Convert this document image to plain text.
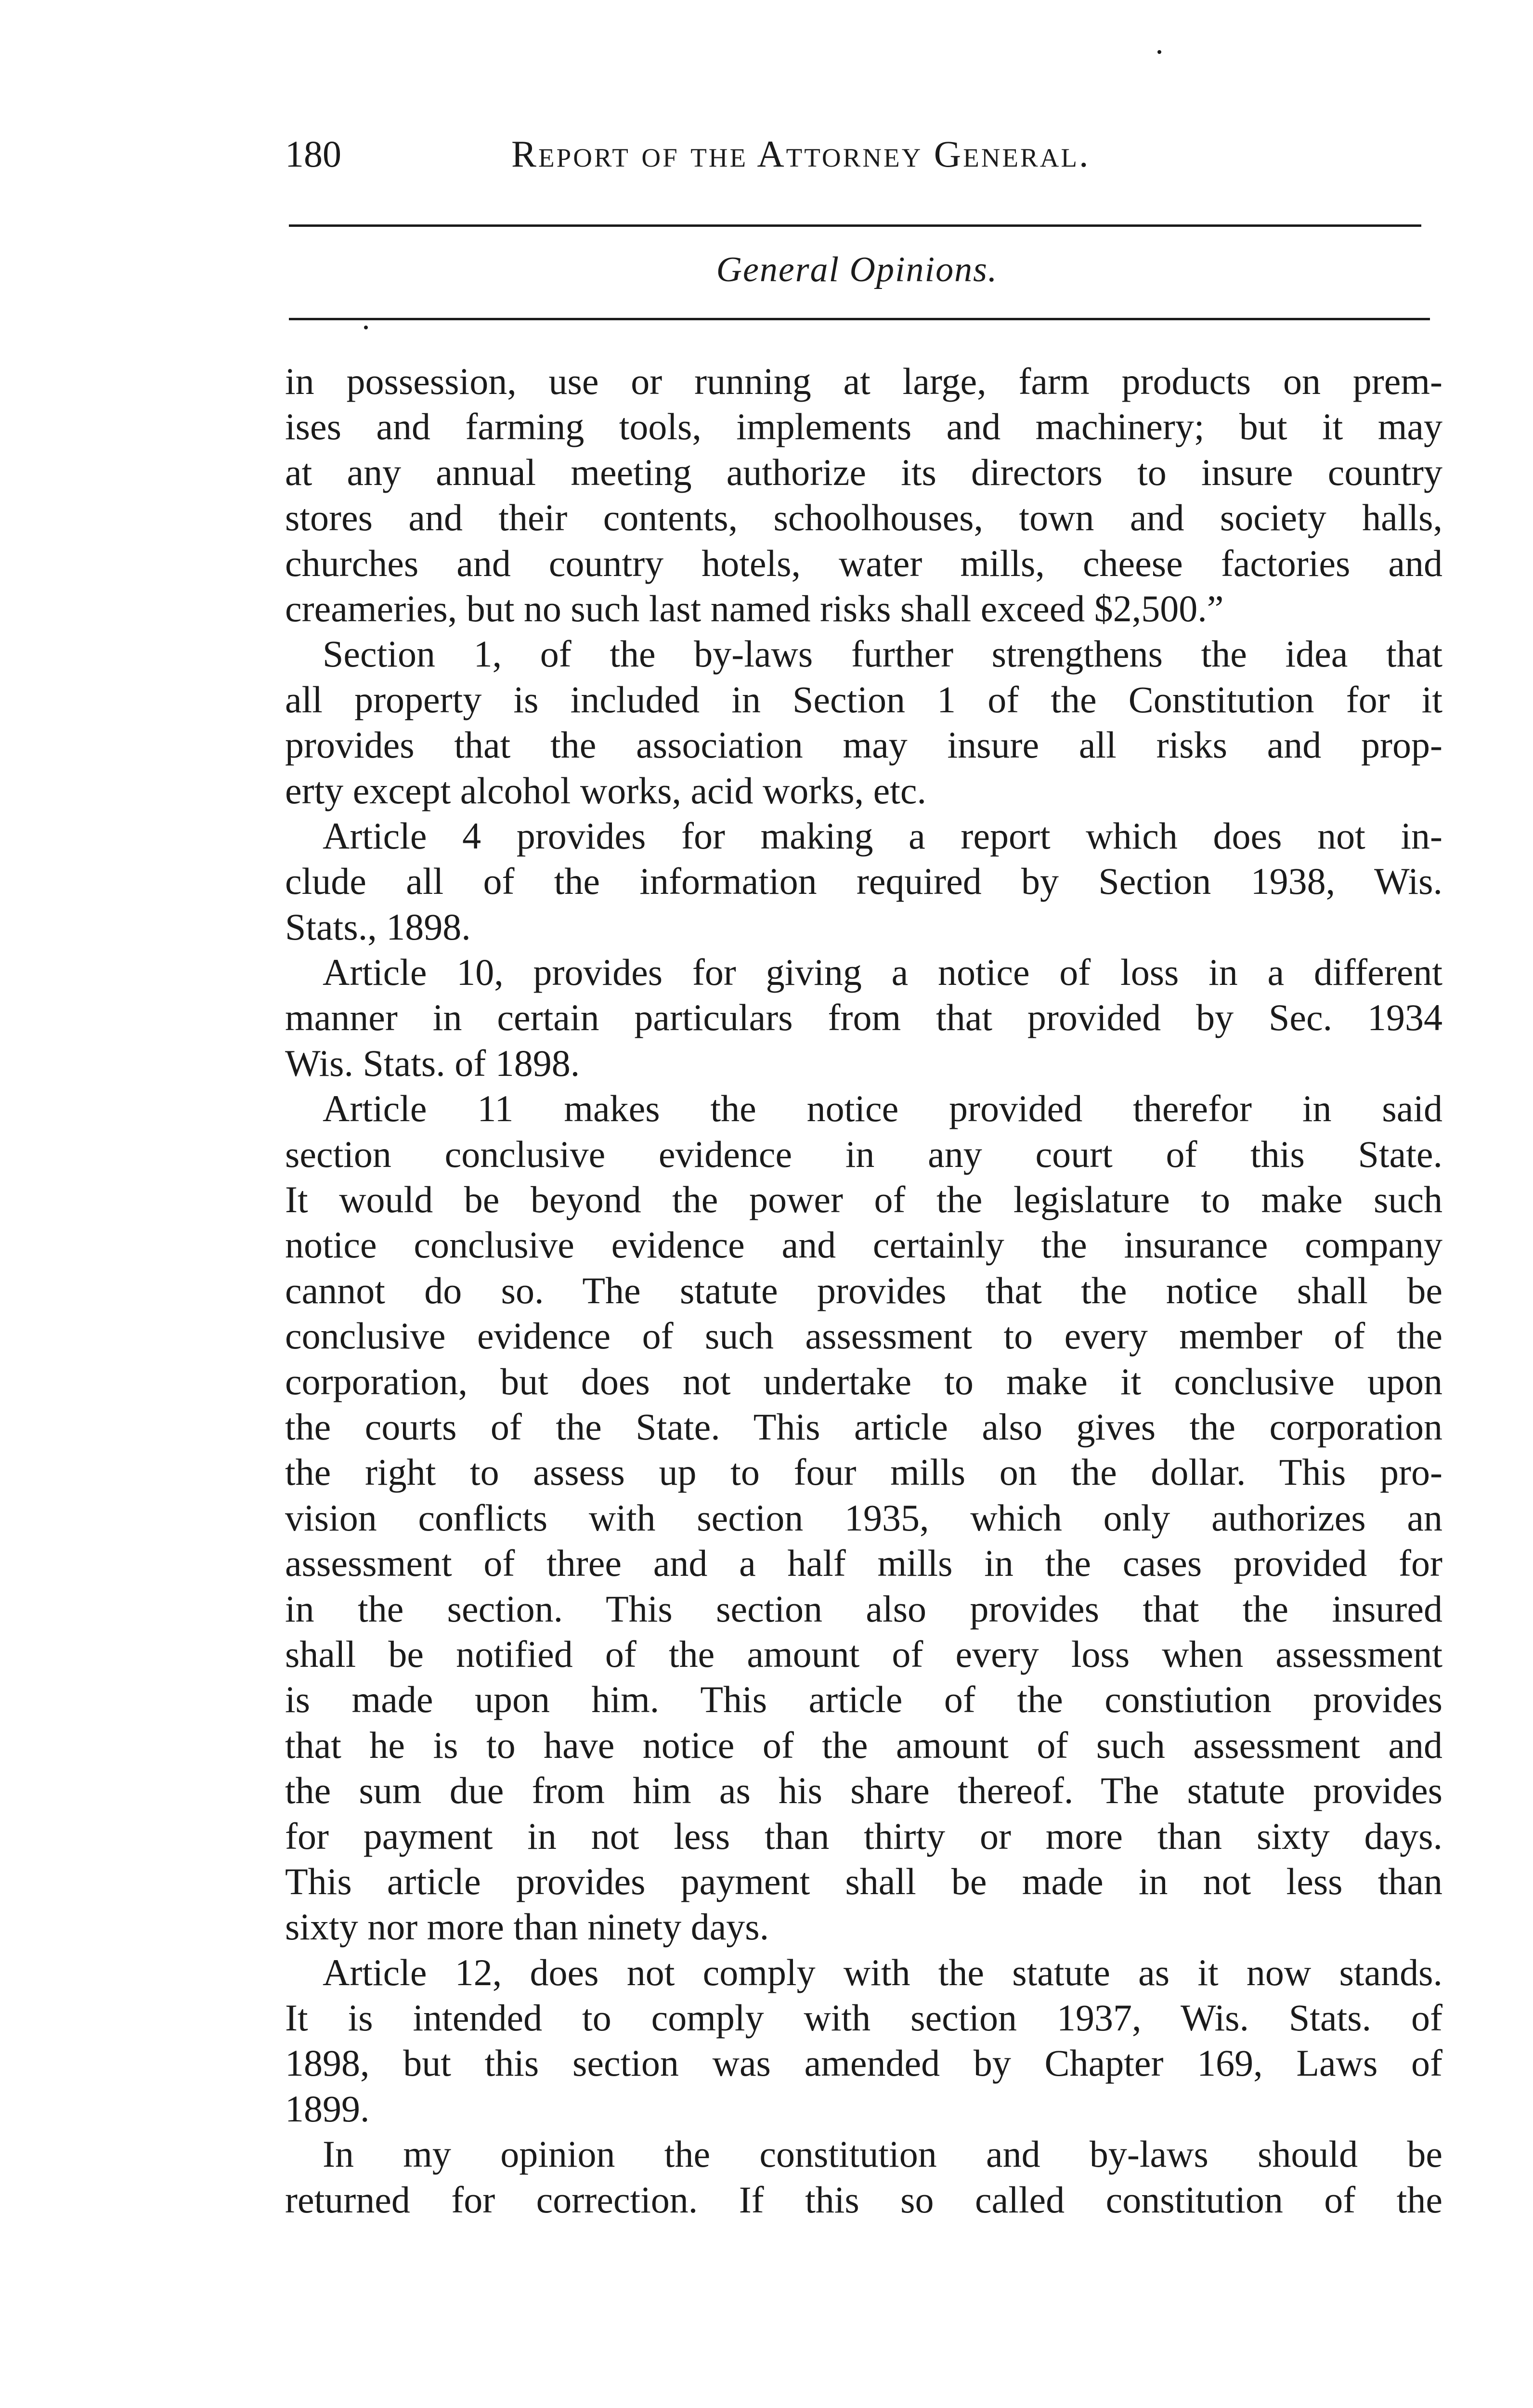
180	Report of the Attorney General.
General Opinions.
in possession, use or running at large, farm products on prem-
ises and farming tools, implements and machinery; but it may
at any annual meeting authorize its directors to insure country
stores and their contents, schoolhouses, town and society halls,
churches and country hotels, water mills, cheese factories and
creameries, but no such last named risks shall exceed $2,500.”
 Section 1, of the by-laws further strengthens the idea that
all property is included in Section 1 of the Constitution for it
provides that the association may insure all risks and prop-
erty except alcohol works, acid works, etc.
 Article 4 provides for making a report which does not in-
clude all of the information required by Section 1938, Wis.
Stats., 1898.
 Article 10, provides for giving a notice of loss in a different
manner in certain particulars from that provided by Sec. 1934
Wis. Stats. of 1898.
 Article 11 makes the notice provided therefor in said
section conclusive evidence in any court of this State.
It would be beyond the power of the legislature to make such
notice conclusive evidence and certainly the insurance company
cannot do so. The statute provides that the notice shall be
conclusive evidence of such assessment to every member of the
corporation, but does not undertake to make it conclusive upon
the courts of the State. This article also gives the corporation
the right to assess up to four mills on the dollar. This pro-
vision conflicts with section 1935, which only authorizes an
assessment of three and a half mills in the cases provided for
in the section. This section also provides that the insured
shall be notified of the amount of every loss when assessment
is made upon him. This article of the constiution provides
that he is to have notice of the amount of such assessment and
the sum due from him as his share thereof. The statute provides
for payment in not less than thirty or more than sixty days.
This article provides payment shall be made in not less than
sixty nor more than ninety days.
 Article 12, does not comply with the statute as it now stands.
It is intended to comply with section 1937, Wis. Stats. of
1898, but this section was amended by Chapter 169, Laws of
1899.
 In my opinion the constitution and by-laws should be
returned for correction. If this so called constitution of the
